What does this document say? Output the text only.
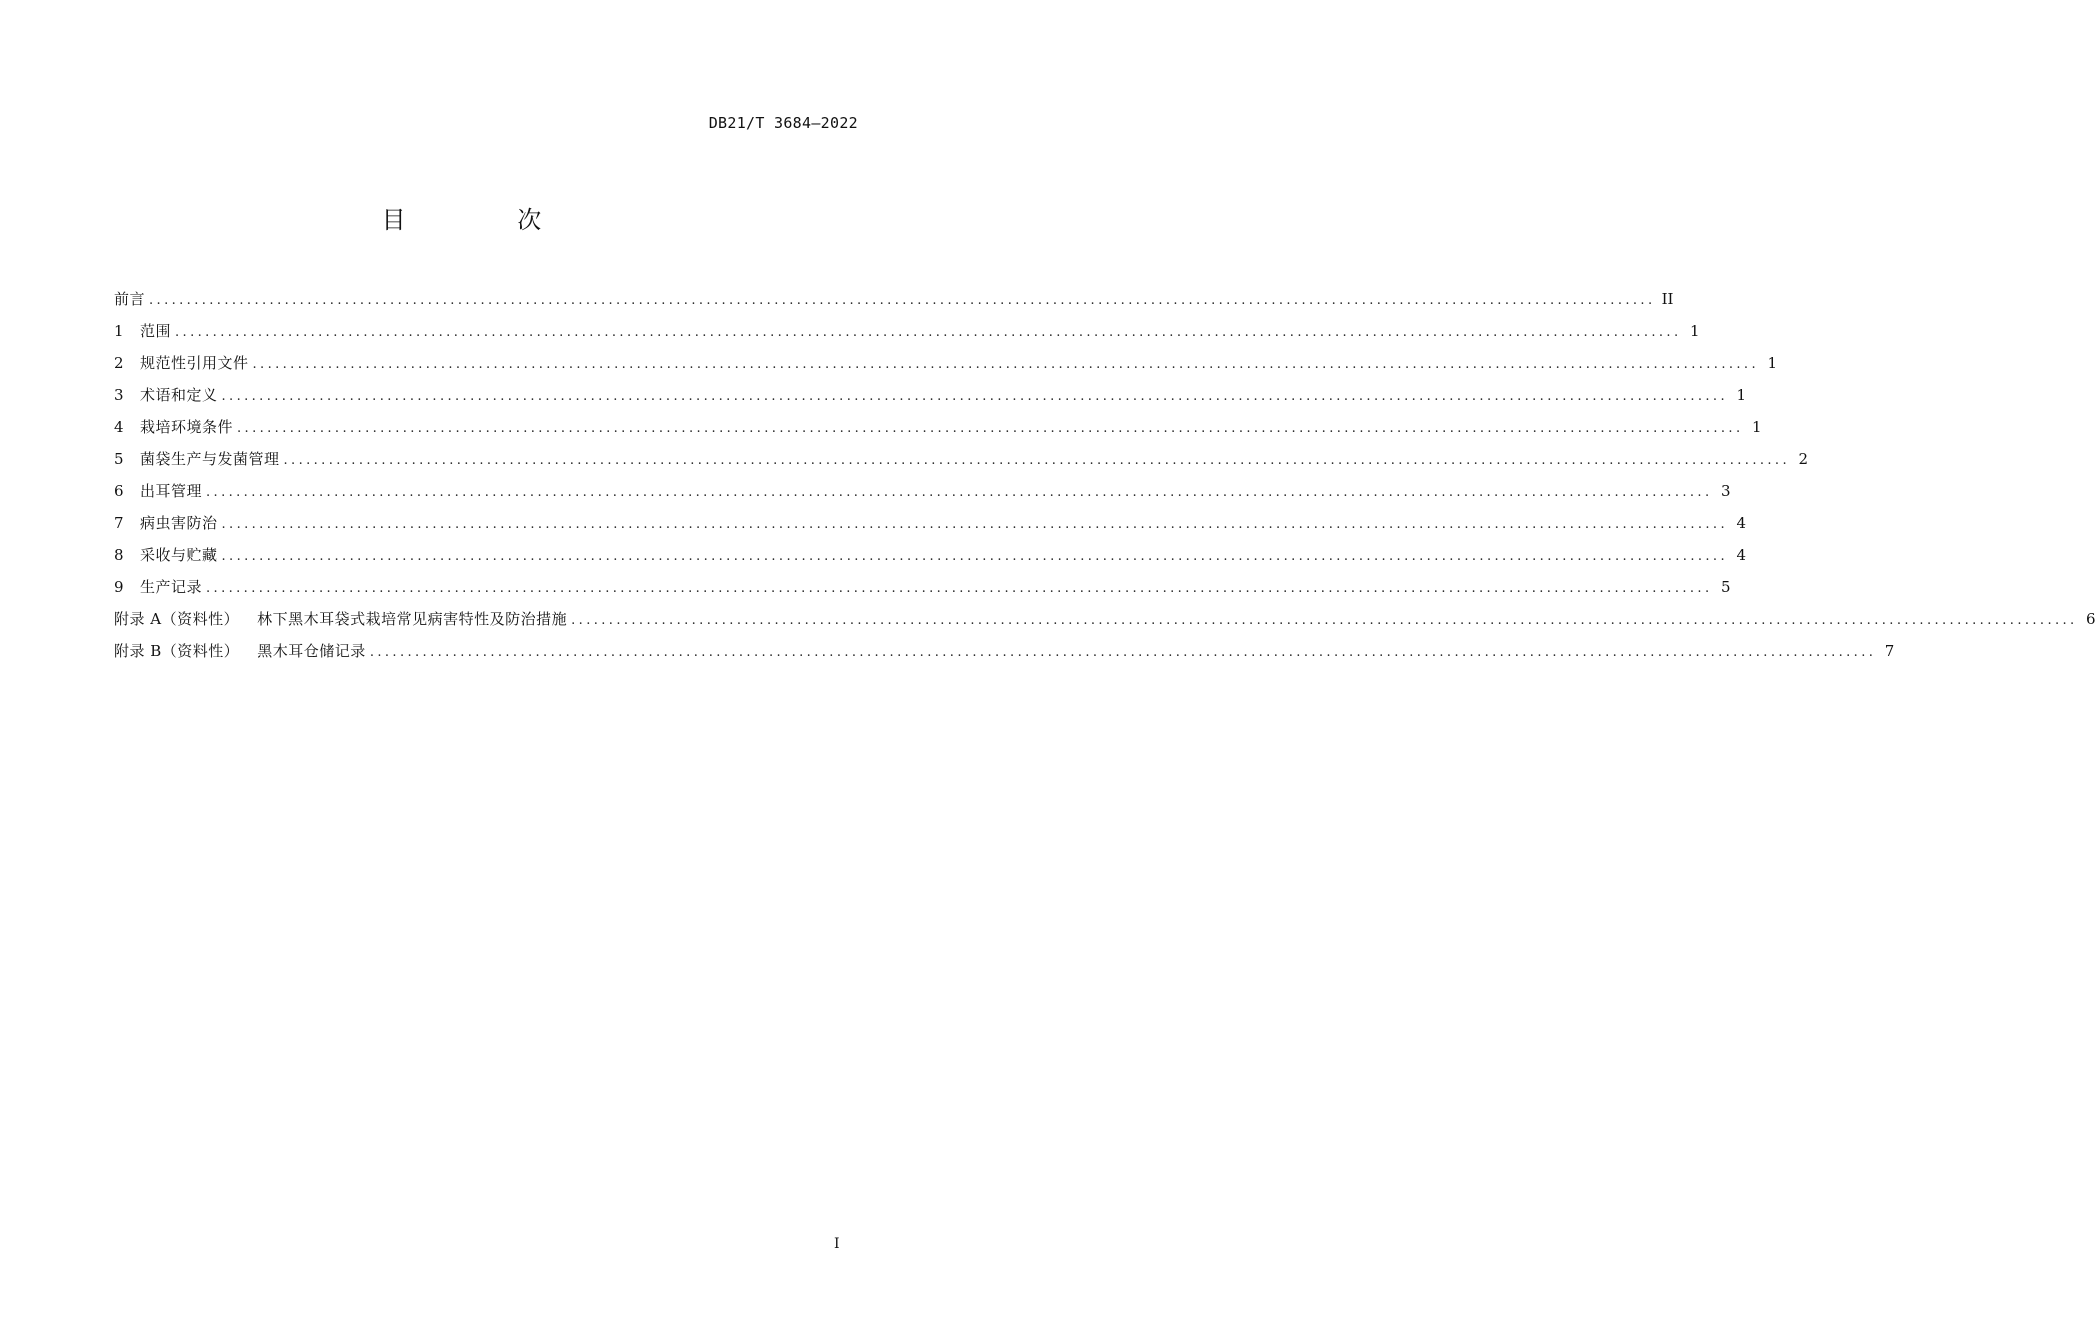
DB21/T 3684—2022
目 次
前言 ........................................................................................................................................................................................................ II
1	范围 ........................................................................................................................................................................................................ 1
2	规范性引用文件 ........................................................................................................................................................................................................ 1
3	术语和定义 ........................................................................................................................................................................................................ 1
4	栽培环境条件 ........................................................................................................................................................................................................ 1
5	菌袋生产与发菌管理 ........................................................................................................................................................................................................ 2
6	出耳管理 ........................................................................................................................................................................................................ 3
7	病虫害防治 ........................................................................................................................................................................................................ 4
8	采收与贮藏 ........................................................................................................................................................................................................ 4
9	生产记录 ........................................................................................................................................................................................................ 5
附录 A（资料性） 林下黑木耳袋式栽培常见病害特性及防治措施 ........................................................................................................................................................................................................ 6
附录 B（资料性） 黑木耳仓储记录 ........................................................................................................................................................................................................ 7
I
